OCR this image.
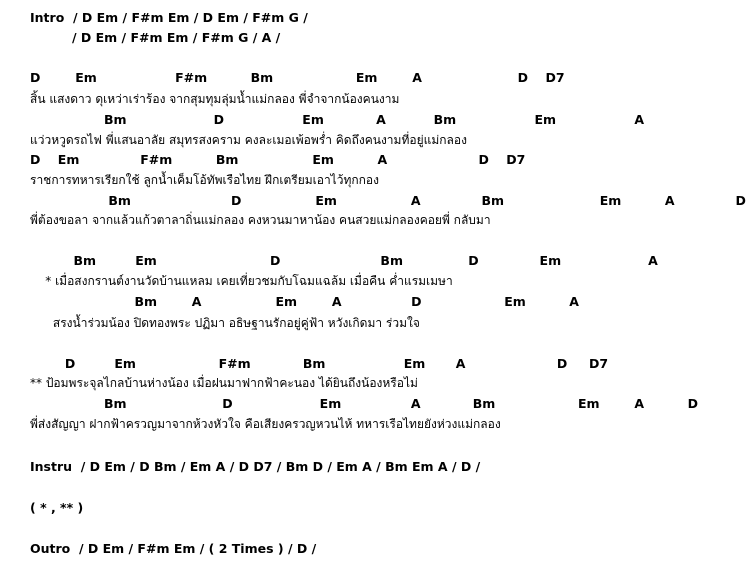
Intro  / D Em / F#m Em / D Em / F#m G /
/ D Em / F#m Em / F#m G / A /
D        Em                  F#m          Bm                   Em        A                      D    D7
สิ้น แสงดาว ดุเหว่าเร่าร้อง จากสุมทุมลุ่มน้ำแม่กลอง พี่จำจากน้องคนงาม
Bm                    D                  Em            A           Bm                  Em                  A
แว่วหวูดรถไฟ พี่แสนอาลัย สมุทรสงคราม คงละเมอเพ้อพร่ำ คิดถึงคนงามที่อยู่แม่กลอง
D    Em              F#m          Bm                 Em          A                     D    D7
ราชการทหารเรียกใช้ ลูกน้ำเค็มโอ้ทัพเรือไทย ฝึกเตรียมเอาไว้ทุกกอง
Bm                       D                 Em                 A              Bm                      Em          A              D
พี่ต้องขอลา จากแล้วแก้วตาลาถิ่นแม่กลอง คงหวนมาหาน้อง คนสวยแม่กลองคอยพี่ กลับมา
Bm         Em                          D                       Bm               D              Em                    A
* เมื่อสงกรานต์งานวัดบ้านแหลม เคยเที่ยวชมกับโฉมแฉล้ม เมื่อคืน ค่ำแรมเมษา
Bm        A                 Em        A                D                   Em          A
สรงน้ำร่วมน้อง ปิดทองพระ ปฏิมา อธิษฐานรักอยู่คู่ฟ้า หวังเกิดมา ร่วมใจ
D         Em                   F#m            Bm                  Em       A                     D     D7
** ป้อมพระจุลไกลบ้านห่างน้อง เมื่อฝนมาฟากฟ้าคะนอง ได้ยินถึงน้องหรือไม่
Bm                      D                    Em                A            Bm                   Em        A          D
พี่ส่งสัญญา ฝากฟ้าครวญมาจากห้วงหัวใจ คือเสียงครวญหวนไห้ ทหารเรือไทยยังห่วงแม่กลอง
Instru  / D Em / D Bm / Em A / D D7 / Bm D / Em A / Bm Em A / D /
( * , ** )
Outro  / D Em / F#m Em / ( 2 Times ) / D /
